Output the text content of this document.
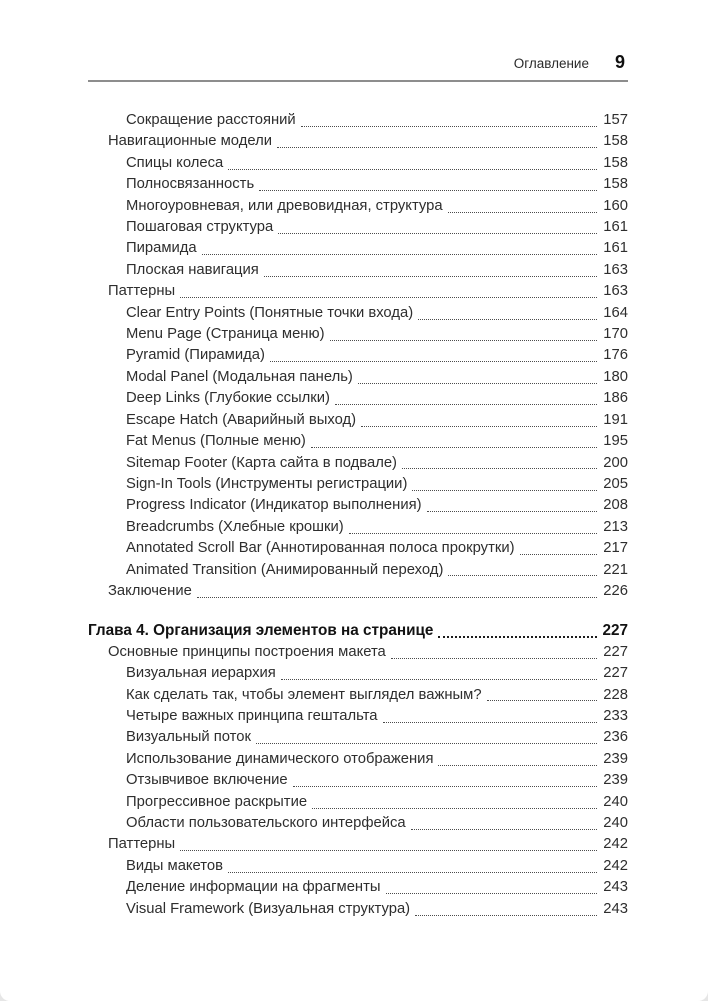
Оглавление 9
Сокращение расстояний	157
Навигационные модели	158
Спицы колеса	158
Полносвязанность	158
Многоуровневая, или древовидная, структура	160
Пошаговая структура	161
Пирамида	161
Плоская навигация	163
Паттерны	163
Clear Entry Points (Понятные точки входа)	164
Menu Page (Страница меню)	170
Pyramid (Пирамида)	176
Modal Panel (Модальная панель)	180
Deep Links (Глубокие ссылки)	186
Escape Hatch (Аварийный выход)	191
Fat Menus (Полные меню)	195
Sitemap Footer (Карта сайта в подвале)	200
Sign-In Tools (Инструменты регистрации)	205
Progress Indicator (Индикатор выполнения)	208
Breadcrumbs (Хлебные крошки)	213
Annotated Scroll Bar (Аннотированная полоса прокрутки)	217
Animated Transition (Анимированный переход)	221
Заключение	226
Глава 4. Организация элементов на странице	227
Основные принципы построения макета	227
Визуальная иерархия	227
Как сделать так, чтобы элемент выглядел важным?	228
Четыре важных принципа гештальта	233
Визуальный поток	236
Использование динамического отображения	239
Отзывчивое включение	239
Прогрессивное раскрытие	240
Области пользовательского интерфейса	240
Паттерны	242
Виды макетов	242
Деление информации на фрагменты	243
Visual Framework (Визуальная структура)	243
